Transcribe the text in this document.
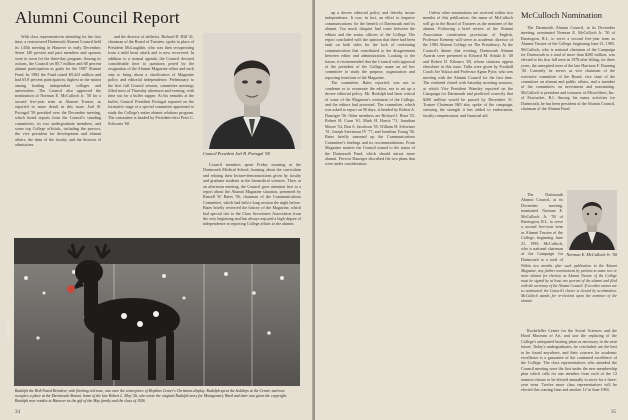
Alumni Council Report

With class representatives attending for the first time, a restructured Dartmouth Alumni Council held its 145th meeting in Hanover in early December. Some 140 present and past members and spouses were in town for the three-day program. Among its actions, the Council set $5.7 million and 68 percent alumni participation as goals for the 1987 Alumni Fund. In 1982 the Fund raised $9,423 million and had 65.8 percent participation, highest in the nation among leading independent colleges and universities. The Council also approved the nomination of Norman E. McCulloch Jr. '50 for a second five-year term as Alumni Trustee, as reported in more detail in this issue. Joel B. Portugal '58 presided over the December meeting, which heard reports from the Council's standing committees, its two undergraduate members, and some top College officials, including the provost, the vice president for development and alumni affairs, the dean of the faculty, and the director of admissions.

and the director of athletics. Richard D. Hill '41, chairman of the Board of Trustees, spoke in place of President McLaughlin, who was then recuperating from a mild heart attack and is now recovered. In addition to a normal agenda, the Council devoted considerable time to questions posed by the resignation of the Alumni Magazine editor and each step to bring about a clarification of Magazine policy and editorial independence. Preliminary to the first full Council session, committee meetings filled most of Thursday afternoon and evening, with time out for a buffet supper. At his remarks at the buffet, Council President Portugal reported on the formative stage of a special committee appointed to study the College's entire alumni relations program. The committee is headed by President-elect Peter C. Schwartz '60.

Council members spent Friday morning at the Dartmouth Medical School, learning about the curriculum and relating their lecture-demonstrations given by faculty and graduate students in the biomedical sciences. Then, at an afternoon meeting, the Council gave attention first to a report about the Alumni Magazine situation, presented by Russell W. Bates '56, chairman of the Communications Committee, which had held a long session the night before. Bates briefly reviewed the history of the Magazine, which had special ties to the Class Secretaries Association from the very beginning and has always enjoyed a high degree of independence in reporting College affairs to the alumni.

Council President Joel B. Portugal '58
Dartmouth Photo
Rudolph the Red-Nosed Reindeer, with flashing red nose, was once the centerpiece of Hopkins Center's Christmas display. Rudolph spent the holidays at the Center, and now occupies a place at the Dartmouth Alumni, home of the late Robert L. May '26, who wrote the original Rudolph story for Montgomery Ward and later was given the copyright. Rudolph now resides in Hanover as the gift of the May family and the class of 1926.
34

up a decree editorial policy and thereby insure independence. It was, in fact, an effort to improve communications for the benefit of Dartmouth and its alumni. Too much disquiet had come between the editors and the senior officers of the College. The report concluded with the opinion that there had been fault on both sides for the lack of continuing communication that contributed to the disagreement between editor and administration. Looking to the future, it recommended that the Council with approval of the president of the College name an ad hoc committee to study the purpose, organization and reporting functions of the Magazine.

The committee, Bates reported, was not to condemn or to exonerate the editor, nor to set up a decree editorial policy. Mr. Rudolph had been critical of some of the Magazine's treatment of the College, and the editors had protested. The committee, which was asked to report on 90 days, is headed by Robert A. Danziger '56. Other members are Richard J. Hunt '53, Robert H. Conn '61, Mark H. Harris '71, Jonathan Moore '54, Don A. Jacobson '55, William H. Schreiner '51, Joseph Stevenson IV '77, and Jonathan Young '56. Bates briefly summed up the Communications Committee's findings and its recommendations. From Magazine matters the Council turned to the status of the Dartmouth Fund, which should attract more alumni. Provost Danziger described the two plans that were under consideration.

Unless other nominations are received within two months of this publication, the name of McCulloch will go to the Board of Trustees as the nominee of the alumni. Following a brief review of the Alumni Association constitution provisions of English, Professor Kemeny will serve as academic director of the 1983 Alumni College on The Presidency. At the Council's dinner that evening, Dartmouth Alumni Awards were presented to Edward M. Schulz Jr. '40 and Robert D. Kilmarx '48, whose citations appear elsewhere in this issue. Talks were given by Football Coach Joe Yukica and Professor Agnar Pytte, who was meeting with the Alumni Council for the first time. The weekend closed with Saturday morning sessions, at which Vice President Wansley reported on the Campaign for Dartmouth and predicted correctly that $200 million would be passed by December 31. Trustee Chairman Hill also spoke of the campaign, stressing the strength it has added to endowment, faculty compensation, and financial aid.

McCulloch Nomination

The Dartmouth Alumni Council, at its December meeting, nominated Norman E. McCulloch Jr. '50 of Barrington, R.I., to serve a second five-year term as Alumni Trustee of the College, beginning June 21, 1983. McCulloch, who is national chairman of the Campaign for Dartmouth to a total of more than $200 million, was elected to his first full term in 1978 after filling, for three years, the unexpired term of the late Harrison F. Dunning '30. Currently he serves as vice chairman of the executive committee of the Board, vice chair of the committee on alumni and public affairs, and a member of the committees on investment and nominating. McCulloch is president and treasurer of Microfibres, Inc. of Pawtucket, R.I. Among his many activities for Dartmouth, he has been president of the Alumni Council, chairman of the Alumni Fund.

Norman E. McCulloch Jr. '50

The Dartmouth Alumni Council, at its December meeting, nominated Norman E. McCulloch Jr. '50 of Barrington, R.I., to serve a second five-year term as Alumni Trustee of the College, beginning June 21, 1983. McCulloch, who is national chairman of the Campaign for Dartmouth to a total of

Within two months after such publication in the Alumni Magazine, any further nominations by petition to name two or more alumni for election as Alumni Trustee of the College must be signed by at least one percent of the alumni and filed with the secretary of the Alumni Council. If no other names are so nominated, the Council's choice is elected by acclamation. McCulloch stands for re-election upon the nominee of the alumni.

Rockefeller Center for the Social Sciences and the Hood Museum of Art, and saw the replacing of the College's antiquated heating plant as necessary in the near future. Today's undergraduates, he concluded, are the best to be found anywhere, and their concern for academic excellence is a guarantee of the continued excellence of the College. The class representatives who attended the Council meeting were the first under the new membership plan which calls for one member from each of the 12 reunion classes to be elected annually to serve for a three-year term. Twelve more class representatives will be elected this coming June and another 12 in June 1984.

35
